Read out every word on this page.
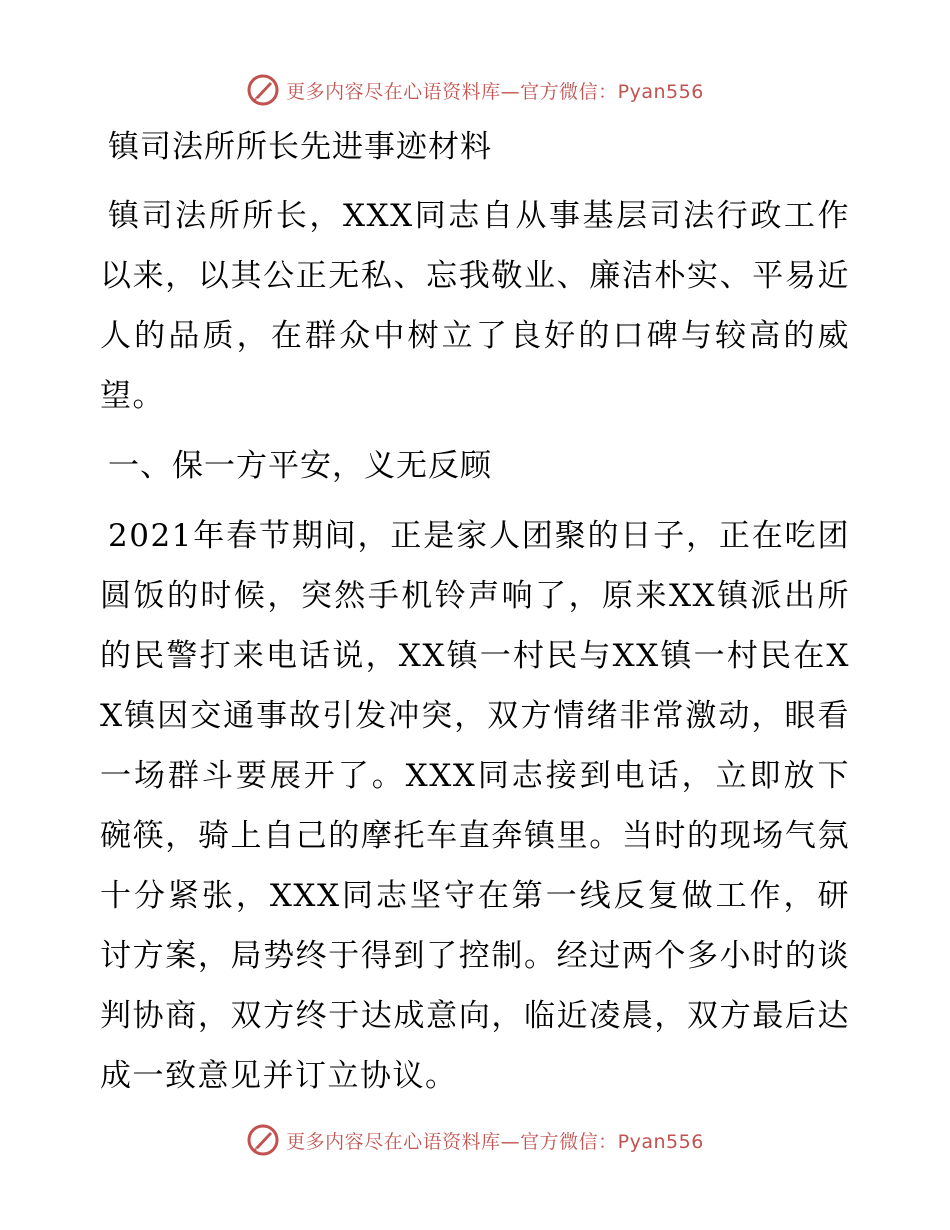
更多内容尽在心语资料库—官方微信：Pyan556
镇司法所所长先进事迹材料

镇司法所所长，XXX同志自从事基层司法行政工作以来，以其公正无私、忘我敬业、廉洁朴实、平易近人的品质，在群众中树立了良好的口碑与较高的威望。

一、保一方平安，义无反顾

2021年春节期间，正是家人团聚的日子，正在吃团圆饭的时候，突然手机铃声响了，原来XX镇派出所的民警打来电话说，XX镇一村民与XX镇一村民在XX镇因交通事故引发冲突，双方情绪非常激动，眼看一场群斗要展开了。XXX同志接到电话，立即放下碗筷，骑上自己的摩托车直奔镇里。当时的现场气氛十分紧张，XXX同志坚守在第一线反复做工作，研讨方案，局势终于得到了控制。经过两个多小时的谈判协商，双方终于达成意向，临近凌晨，双方最后达成一致意见并订立协议。

更多内容尽在心语资料库—官方微信：Pyan556
